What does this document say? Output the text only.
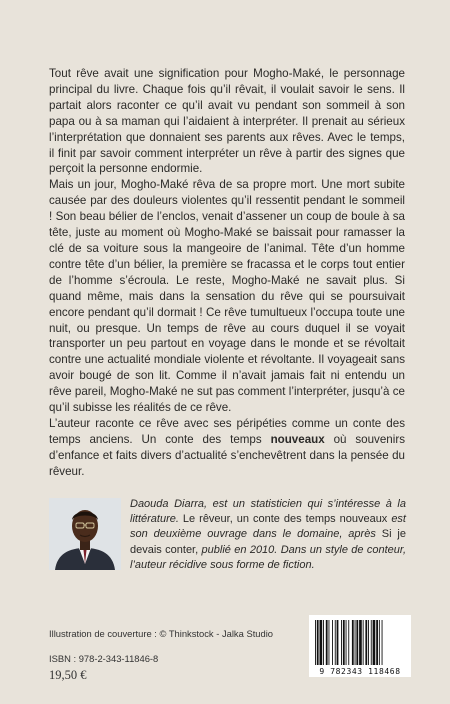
Tout rêve avait une signification pour Mogho-Maké, le personnage principal du livre. Chaque fois qu’il rêvait, il voulait savoir le sens. Il partait alors raconter ce qu’il avait vu pendant son sommeil à son papa ou à sa maman qui l’aidaient à interpréter. Il prenait au sérieux l’interprétation que donnaient ses parents aux rêves. Avec le temps, il finit par savoir comment interpréter un rêve à partir des signes que perçoit la personne endormie.

Mais un jour, Mogho-Maké rêva de sa propre mort. Une mort subite causée par des douleurs violentes qu’il ressentit pendant le sommeil ! Son beau bélier de l’enclos, venait d’assener un coup de boule à sa tête, juste au moment où Mogho-Maké se baissait pour ramasser la clé de sa voiture sous la mangeoire de l’animal. Tête d’un homme contre tête d’un bélier, la première se fracassa et le corps tout entier de l’homme s’écroula. Le reste, Mogho-Maké ne savait plus. Si quand même, mais dans la sensation du rêve qui se poursuivait encore pendant qu’il dormait ! Ce rêve tumultueux l’occupa toute une nuit, ou presque. Un temps de rêve au cours duquel il se voyait transporter un peu partout en voyage dans le monde et se révoltait contre une actualité mondiale violente et révoltante. Il voyageait sans avoir bougé de son lit. Comme il n’avait jamais fait ni entendu un rêve pareil, Mogho-Maké ne sut pas comment l’interpréter, jusqu’à ce qu’il subisse les réalités de ce rêve.

L’auteur raconte ce rêve avec ses péripéties comme un conte des temps anciens. Un conte des temps nouveaux où souvenirs d’enfance et faits divers d’actualité s’enchevêtrent dans la pensée du rêveur.

Daouda Diarra, est un statisticien qui s’intéresse à la littérature. Le rêveur, un conte des temps nouveaux est son deuxième ouvrage dans le domaine, après Si je devais conter, publié en 2010. Dans un style de conteur, l’auteur récidive sous forme de fiction.
Illustration de couverture : © Thinkstock - Jalka Studio
ISBN : 978-2-343-11846-8
19,50 €	9 782343 118468
